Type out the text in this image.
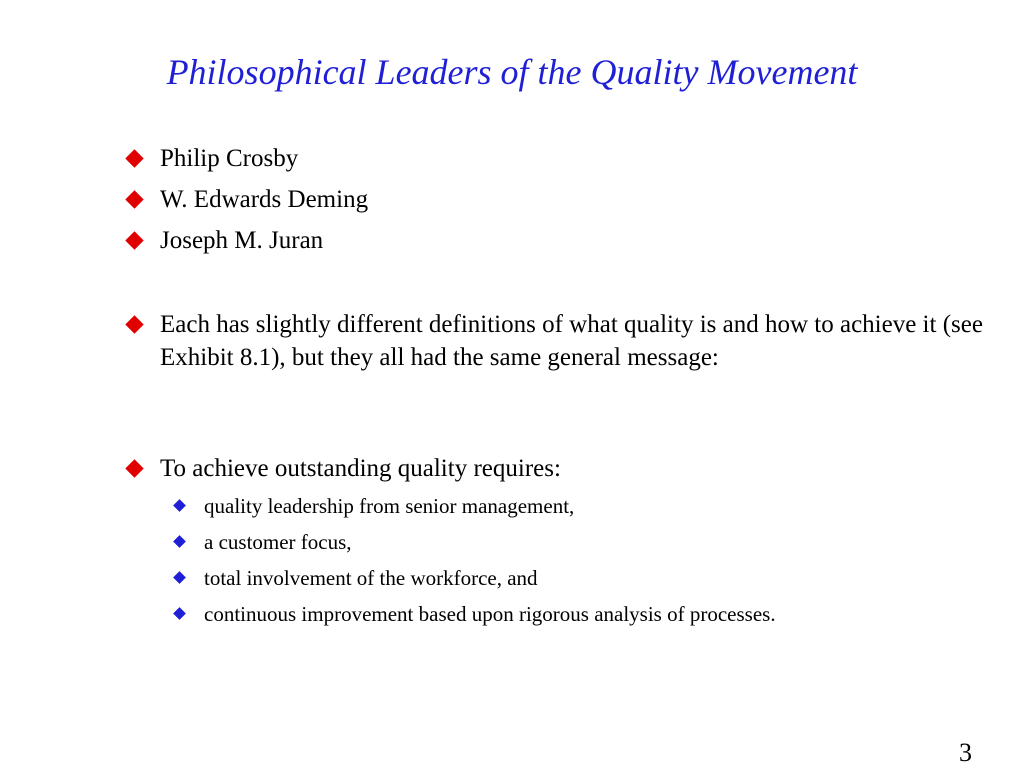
Philosophical Leaders of the Quality Movement
Philip Crosby
W. Edwards Deming
Joseph M. Juran
Each has slightly different definitions of what quality is and how to achieve it (see Exhibit 8.1), but they all had the same general message:
To achieve outstanding quality requires:
quality leadership from senior management,
a customer focus,
total involvement of the workforce, and
continuous improvement based upon rigorous analysis of processes.
3
